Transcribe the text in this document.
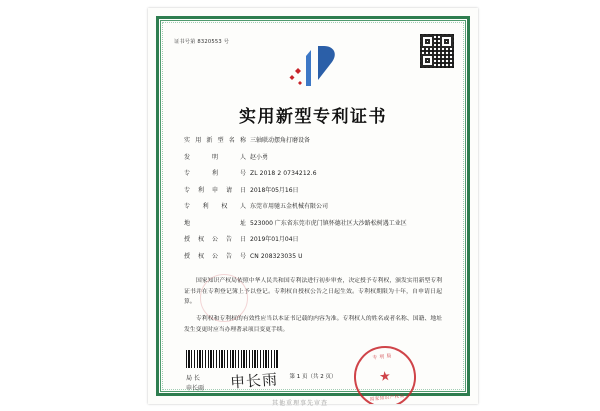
证书号第 8320553 号
实用新型专利证书
实 用 新 型 名 称 三轴联动摆角打磨设备
发	明	人 赵小勇
专	利	号 ZL 2018 2 0734212.6
专 利 申 请 日 2018年05月16日
专 利 权 人 东莞市用驰五金机械有限公司
地	址 523000 广东省东莞市虎门镇怀德社区大沙路松树遇工业区
授 权 公 告 日 2019年01月04日
授 权 公 告 号 CN 208323035 U
国家知识产权局依照中华人民共和国专利法进行初步审查，决定授予专利权，颁发实用新型专利证书并在专利登记簿上予以登记。专利权自授权公告之日起生效。专利权期限为十年，自申请日起算。
专利权和专利权的有效性应当以本证书记载的内容为准。专利权人的姓名或者名称、国籍、地址发生变更时应当办理著录项目变更手续。
局 长
申长雨 申长雨
专利局
★
国家知识产权局
第 1 页（共 2 页）
其他重理事先审查
